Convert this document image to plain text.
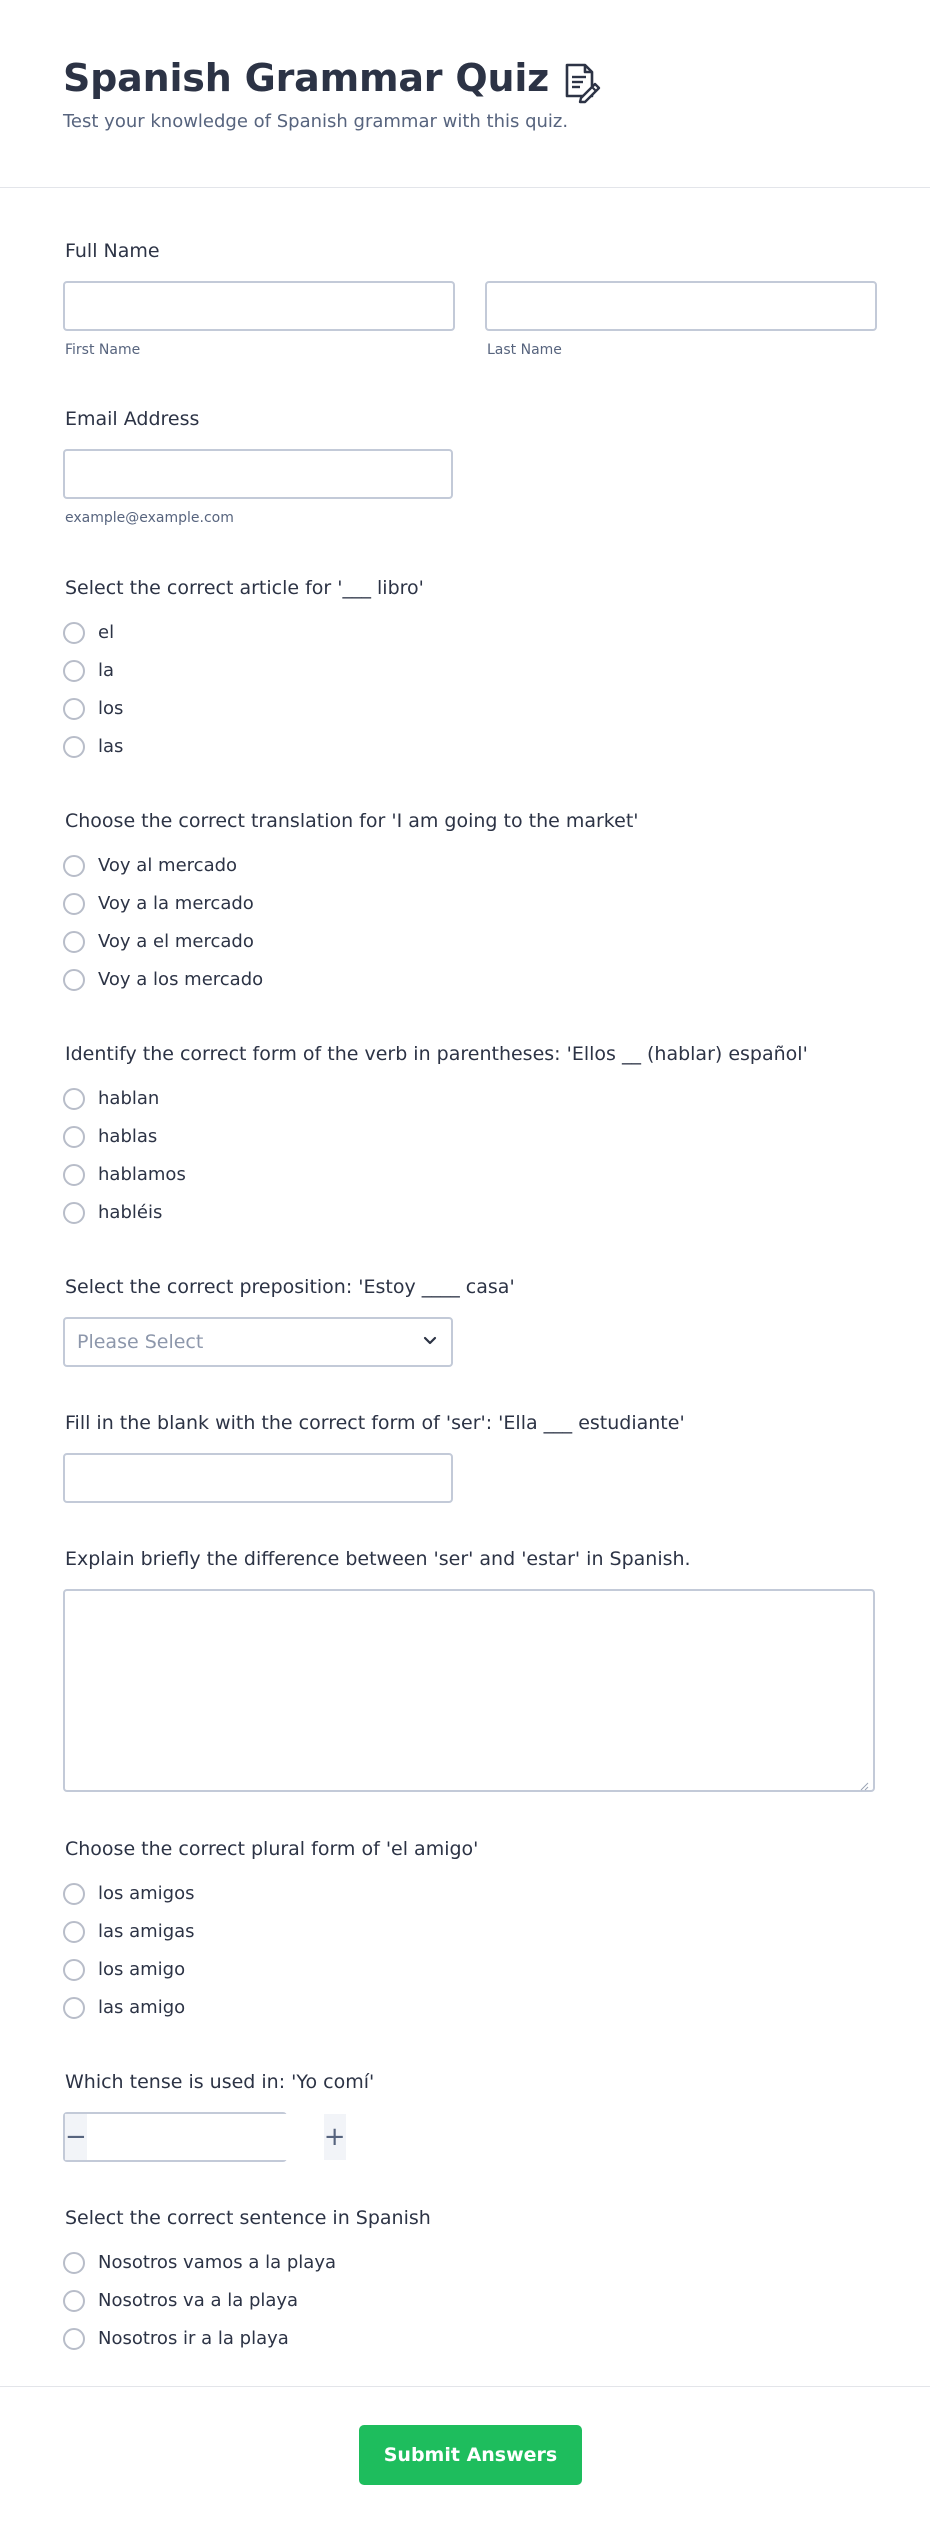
Spanish Grammar Quiz
Test your knowledge of Spanish grammar with this quiz.
Full Name
First Name	Last Name
Email Address
example@example.com
Select the correct article for '___ libro'
el
la
los
las
Choose the correct translation for 'I am going to the market'
Voy al mercado
Voy a la mercado
Voy a el mercado
Voy a los mercado
Identify the correct form of the verb in parentheses: 'Ellos __ (hablar) español'
hablan
hablas
hablamos
habléis
Select the correct preposition: 'Estoy ____ casa'
Please Select
Fill in the blank with the correct form of 'ser': 'Ella ___ estudiante'
Explain briefly the difference between 'ser' and 'estar' in Spanish.
Choose the correct plural form of 'el amigo'
los amigos
las amigas
los amigo
las amigo
Which tense is used in: 'Yo comí'
−	+
Select the correct sentence in Spanish
Nosotros vamos a la playa
Nosotros va a la playa
Nosotros ir a la playa
Submit Answers
